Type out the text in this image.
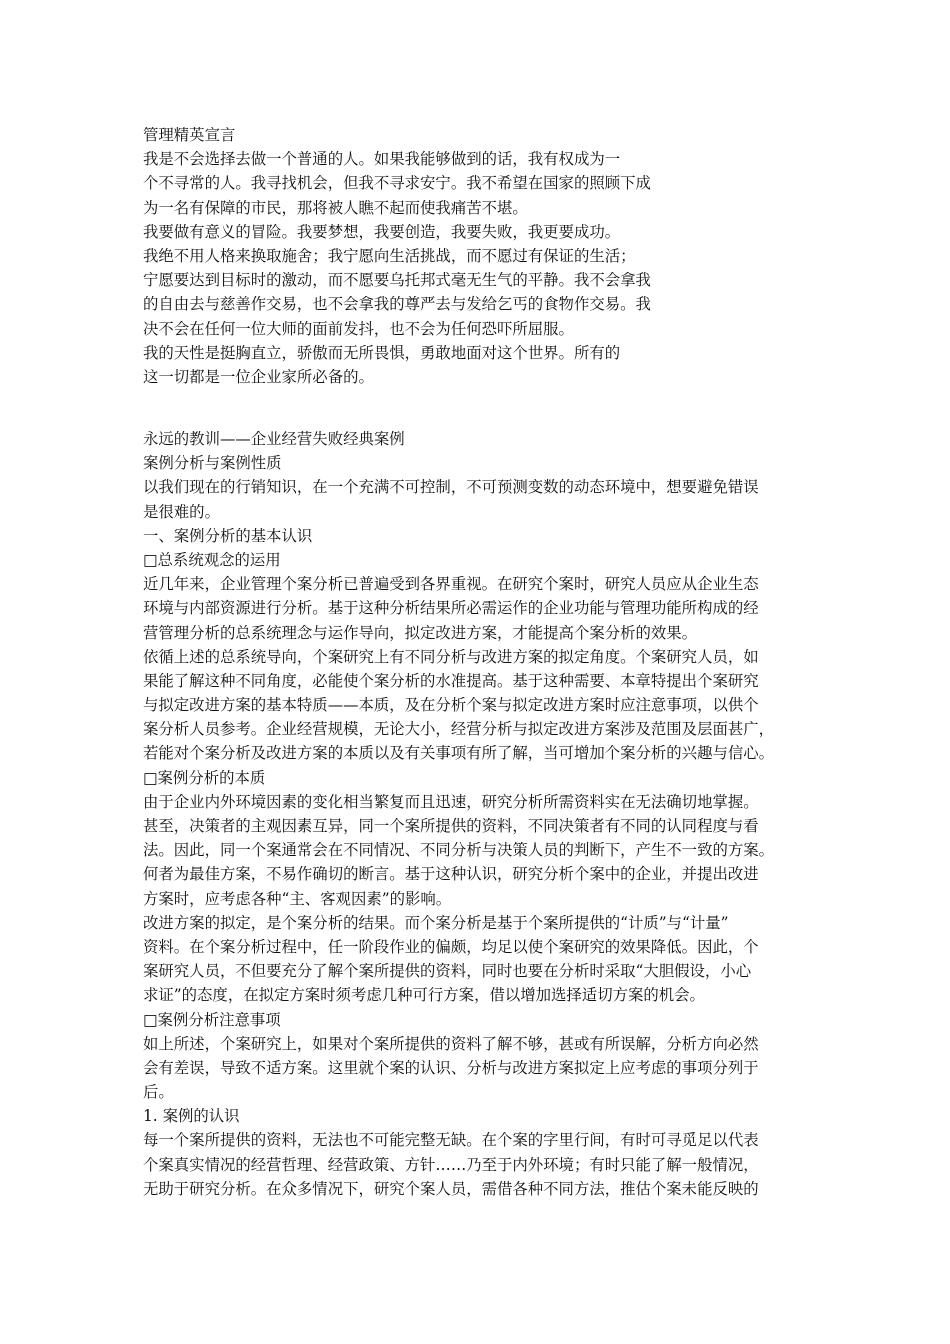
管理精英宣言
我是不会选择去做一个普通的人。如果我能够做到的话，我有权成为一
个不寻常的人。我寻找机会，但我不寻求安宁。我不希望在国家的照顾下成
为一名有保障的市民，那将被人瞧不起而使我痛苦不堪。
我要做有意义的冒险。我要梦想，我要创造，我要失败，我更要成功。
我绝不用人格来换取施舍；我宁愿向生活挑战，而不愿过有保证的生活；
宁愿要达到目标时的激动，而不愿要乌托邦式毫无生气的平静。我不会拿我
的自由去与慈善作交易，也不会拿我的尊严去与发给乞丐的食物作交易。我
决不会在任何一位大师的面前发抖，也不会为任何恐吓所屈服。
我的天性是挺胸直立，骄傲而无所畏惧，勇敢地面对这个世界。所有的
这一切都是一位企业家所必备的。
永远的教训——企业经营失败经典案例
案例分析与案例性质
以我们现在的行销知识，在一个充满不可控制，不可预测变数的动态环境中，想要避免错误
是很难的。
一、案例分析的基本认识
□总系统观念的运用
近几年来，企业管理个案分析已普遍受到各界重视。在研究个案时，研究人员应从企业生态
环境与内部资源进行分析。基于这种分析结果所必需运作的企业功能与管理功能所构成的经
营管理分析的总系统理念与运作导向，拟定改进方案，才能提高个案分析的效果。
依循上述的总系统导向，个案研究上有不同分析与改进方案的拟定角度。个案研究人员，如
果能了解这种不同角度，必能使个案分析的水准提高。基于这种需要、本章特提出个案研究
与拟定改进方案的基本特质——本质，及在分析个案与拟定改进方案时应注意事项，以供个
案分析人员参考。企业经营规模，无论大小，经营分析与拟定改进方案涉及范围及层面甚广，
若能对个案分析及改进方案的本质以及有关事项有所了解，当可增加个案分析的兴趣与信心。
□案例分析的本质
由于企业内外环境因素的变化相当繁复而且迅速，研究分析所需资料实在无法确切地掌握。
甚至，决策者的主观因素互异，同一个案所提供的资料，不同决策者有不同的认同程度与看
法。因此，同一个案通常会在不同情况、不同分析与决策人员的判断下，产生不一致的方案。
何者为最佳方案，不易作确切的断言。基于这种认识，研究分析个案中的企业，并提出改进
方案时，应考虑各种“主、客观因素”的影响。
改进方案的拟定，是个案分析的结果。而个案分析是基于个案所提供的“计质”与“计量”
资料。在个案分析过程中，任一阶段作业的偏颇，均足以使个案研究的效果降低。因此，个
案研究人员，不但要充分了解个案所提供的资料，同时也要在分析时采取“大胆假设，小心
求证”的态度，在拟定方案时须考虑几种可行方案，借以增加选择适切方案的机会。
□案例分析注意事项
如上所述，个案研究上，如果对个案所提供的资料了解不够，甚或有所误解，分析方向必然
会有差误，导致不适方案。这里就个案的认识、分析与改进方案拟定上应考虑的事项分列于
后。
1. 案例的认识
每一个案所提供的资料，无法也不可能完整无缺。在个案的字里行间，有时可寻觅足以代表
个案真实情况的经营哲理、经营政策、方针……乃至于内外环境；有时只能了解一般情况，
无助于研究分析。在众多情况下，研究个案人员，需借各种不同方法，推估个案未能反映的
